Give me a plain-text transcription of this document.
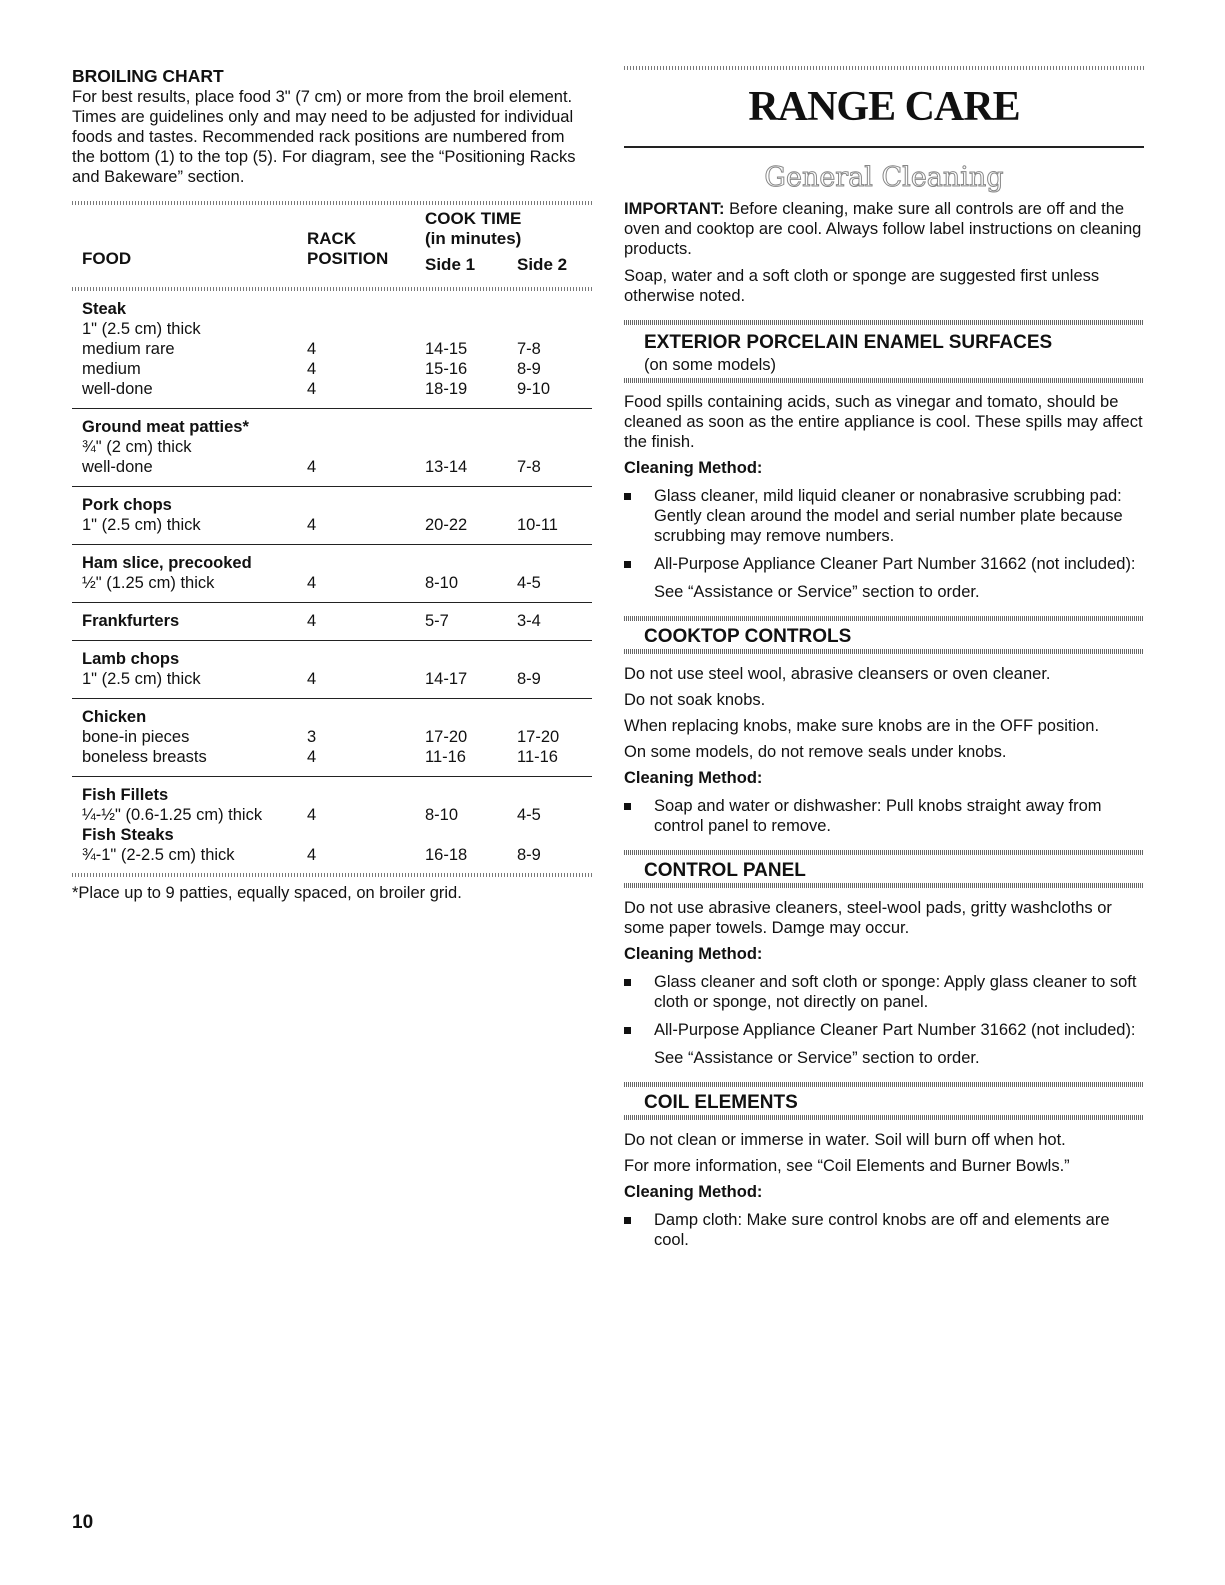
BROILING CHART

For best results, place food 3" (7 cm) or more from the broil element. Times are guidelines only and may need to be adjusted for individual foods and tastes. Recommended rack positions are numbered from the bottom (1) to the top (5). For diagram, see the “Positioning Racks and Bakeware” section.

		COOK TIME	
	RACK	(in minutes)	
FOOD	POSITION	Side 1	Side 2

Steak			
1" (2.5 cm) thick			
medium rare	4	14-15	7-8
medium	4	15-16	8-9
well-done	4	18-19	9-10
Ground meat patties*			
¾" (2 cm) thick			
well-done	4	13-14	7-8
Pork chops			
1" (2.5 cm) thick	4	20-22	10-11
Ham slice, precooked			
½" (1.25 cm) thick	4	8-10	4-5
Frankfurters	4	5-7	3-4
Lamb chops			
1" (2.5 cm) thick	4	14-17	8-9
Chicken			
bone-in pieces	3	17-20	17-20
boneless breasts	4	11-16	11-16
Fish Fillets			
¼-½" (0.6-1.25 cm) thick	4	8-10	4-5
Fish Steaks			
¾-1" (2-2.5 cm) thick	4	16-18	8-9

*Place up to 9 patties, equally spaced, on broiler grid.

RANGE CARE
General Cleaning

IMPORTANT: Before cleaning, make sure all controls are off and the oven and cooktop are cool. Always follow label instructions on cleaning products.

Soap, water and a soft cloth or sponge are suggested first unless otherwise noted.

EXTERIOR PORCELAIN ENAMEL SURFACES
(on some models)

Food spills containing acids, such as vinegar and tomato, should be cleaned as soon as the entire appliance is cool. These spills may affect the finish.

Cleaning Method:
Glass cleaner, mild liquid cleaner or nonabrasive scrubbing pad: Gently clean around the model and serial number plate because scrubbing may remove numbers.
All-Purpose Appliance Cleaner Part Number 31662 (not included):
See “Assistance or Service” section to order.
COOKTOP CONTROLS

Do not use steel wool, abrasive cleansers or oven cleaner.

Do not soak knobs.

When replacing knobs, make sure knobs are in the OFF position.

On some models, do not remove seals under knobs.

Cleaning Method:
Soap and water or dishwasher: Pull knobs straight away from control panel to remove.
CONTROL PANEL

Do not use abrasive cleaners, steel-wool pads, gritty washcloths or some paper towels. Damge may occur.

Cleaning Method:
Glass cleaner and soft cloth or sponge: Apply glass cleaner to soft cloth or sponge, not directly on panel.
All-Purpose Appliance Cleaner Part Number 31662 (not included):
See “Assistance or Service” section to order.
COIL ELEMENTS

Do not clean or immerse in water. Soil will burn off when hot.

For more information, see “Coil Elements and Burner Bowls.”

Cleaning Method:
Damp cloth: Make sure control knobs are off and elements are cool.
10
